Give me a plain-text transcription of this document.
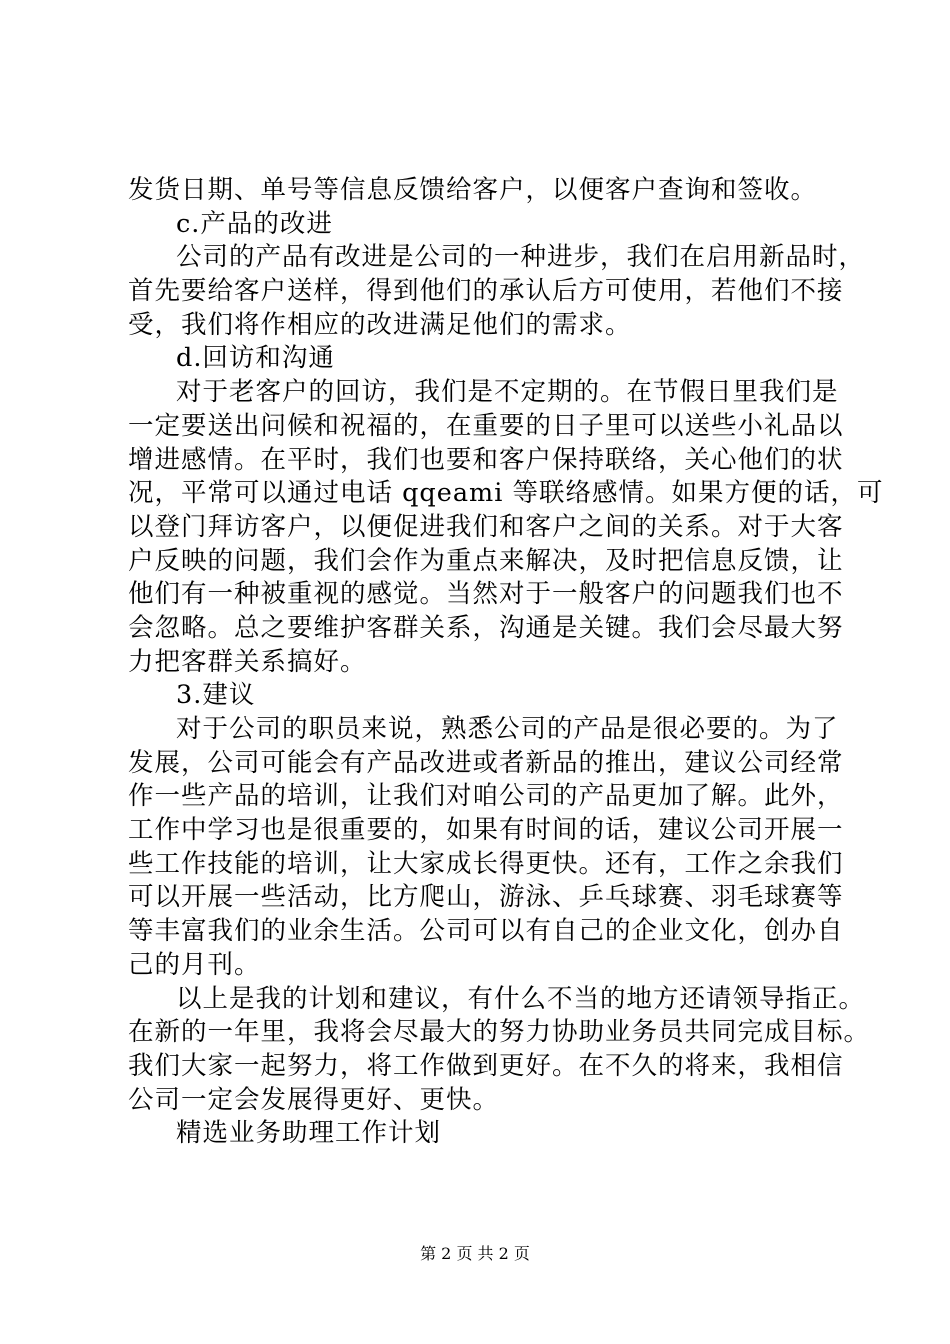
发货日期、单号等信息反馈给客户，以便客户查询和签收。
c.产品的改进
公司的产品有改进是公司的一种进步，我们在启用新品时，
首先要给客户送样，得到他们的承认后方可使用，若他们不接
受，我们将作相应的改进满足他们的需求。
d.回访和沟通
对于老客户的回访，我们是不定期的。在节假日里我们是
一定要送出问候和祝福的，在重要的日子里可以送些小礼品以
增进感情。在平时，我们也要和客户保持联络，关心他们的状
况，平常可以通过电话 qqeami 等联络感情。如果方便的话，可
以登门拜访客户，以便促进我们和客户之间的关系。对于大客
户反映的问题，我们会作为重点来解决，及时把信息反馈，让
他们有一种被重视的感觉。当然对于一般客户的问题我们也不
会忽略。总之要维护客群关系，沟通是关键。我们会尽最大努
力把客群关系搞好。
3.建议
对于公司的职员来说，熟悉公司的产品是很必要的。为了
发展，公司可能会有产品改进或者新品的推出，建议公司经常
作一些产品的培训，让我们对咱公司的产品更加了解。此外，
工作中学习也是很重要的，如果有时间的话，建议公司开展一
些工作技能的培训，让大家成长得更快。还有，工作之余我们
可以开展一些活动，比方爬山，游泳、乒乓球赛、羽毛球赛等
等丰富我们的业余生活。公司可以有自己的企业文化，创办自
己的月刊。
以上是我的计划和建议，有什么不当的地方还请领导指正。
在新的一年里，我将会尽最大的努力协助业务员共同完成目标。
我们大家一起努力，将工作做到更好。在不久的将来，我相信
公司一定会发展得更好、更快。
精选业务助理工作计划
第 2 页 共 2 页
